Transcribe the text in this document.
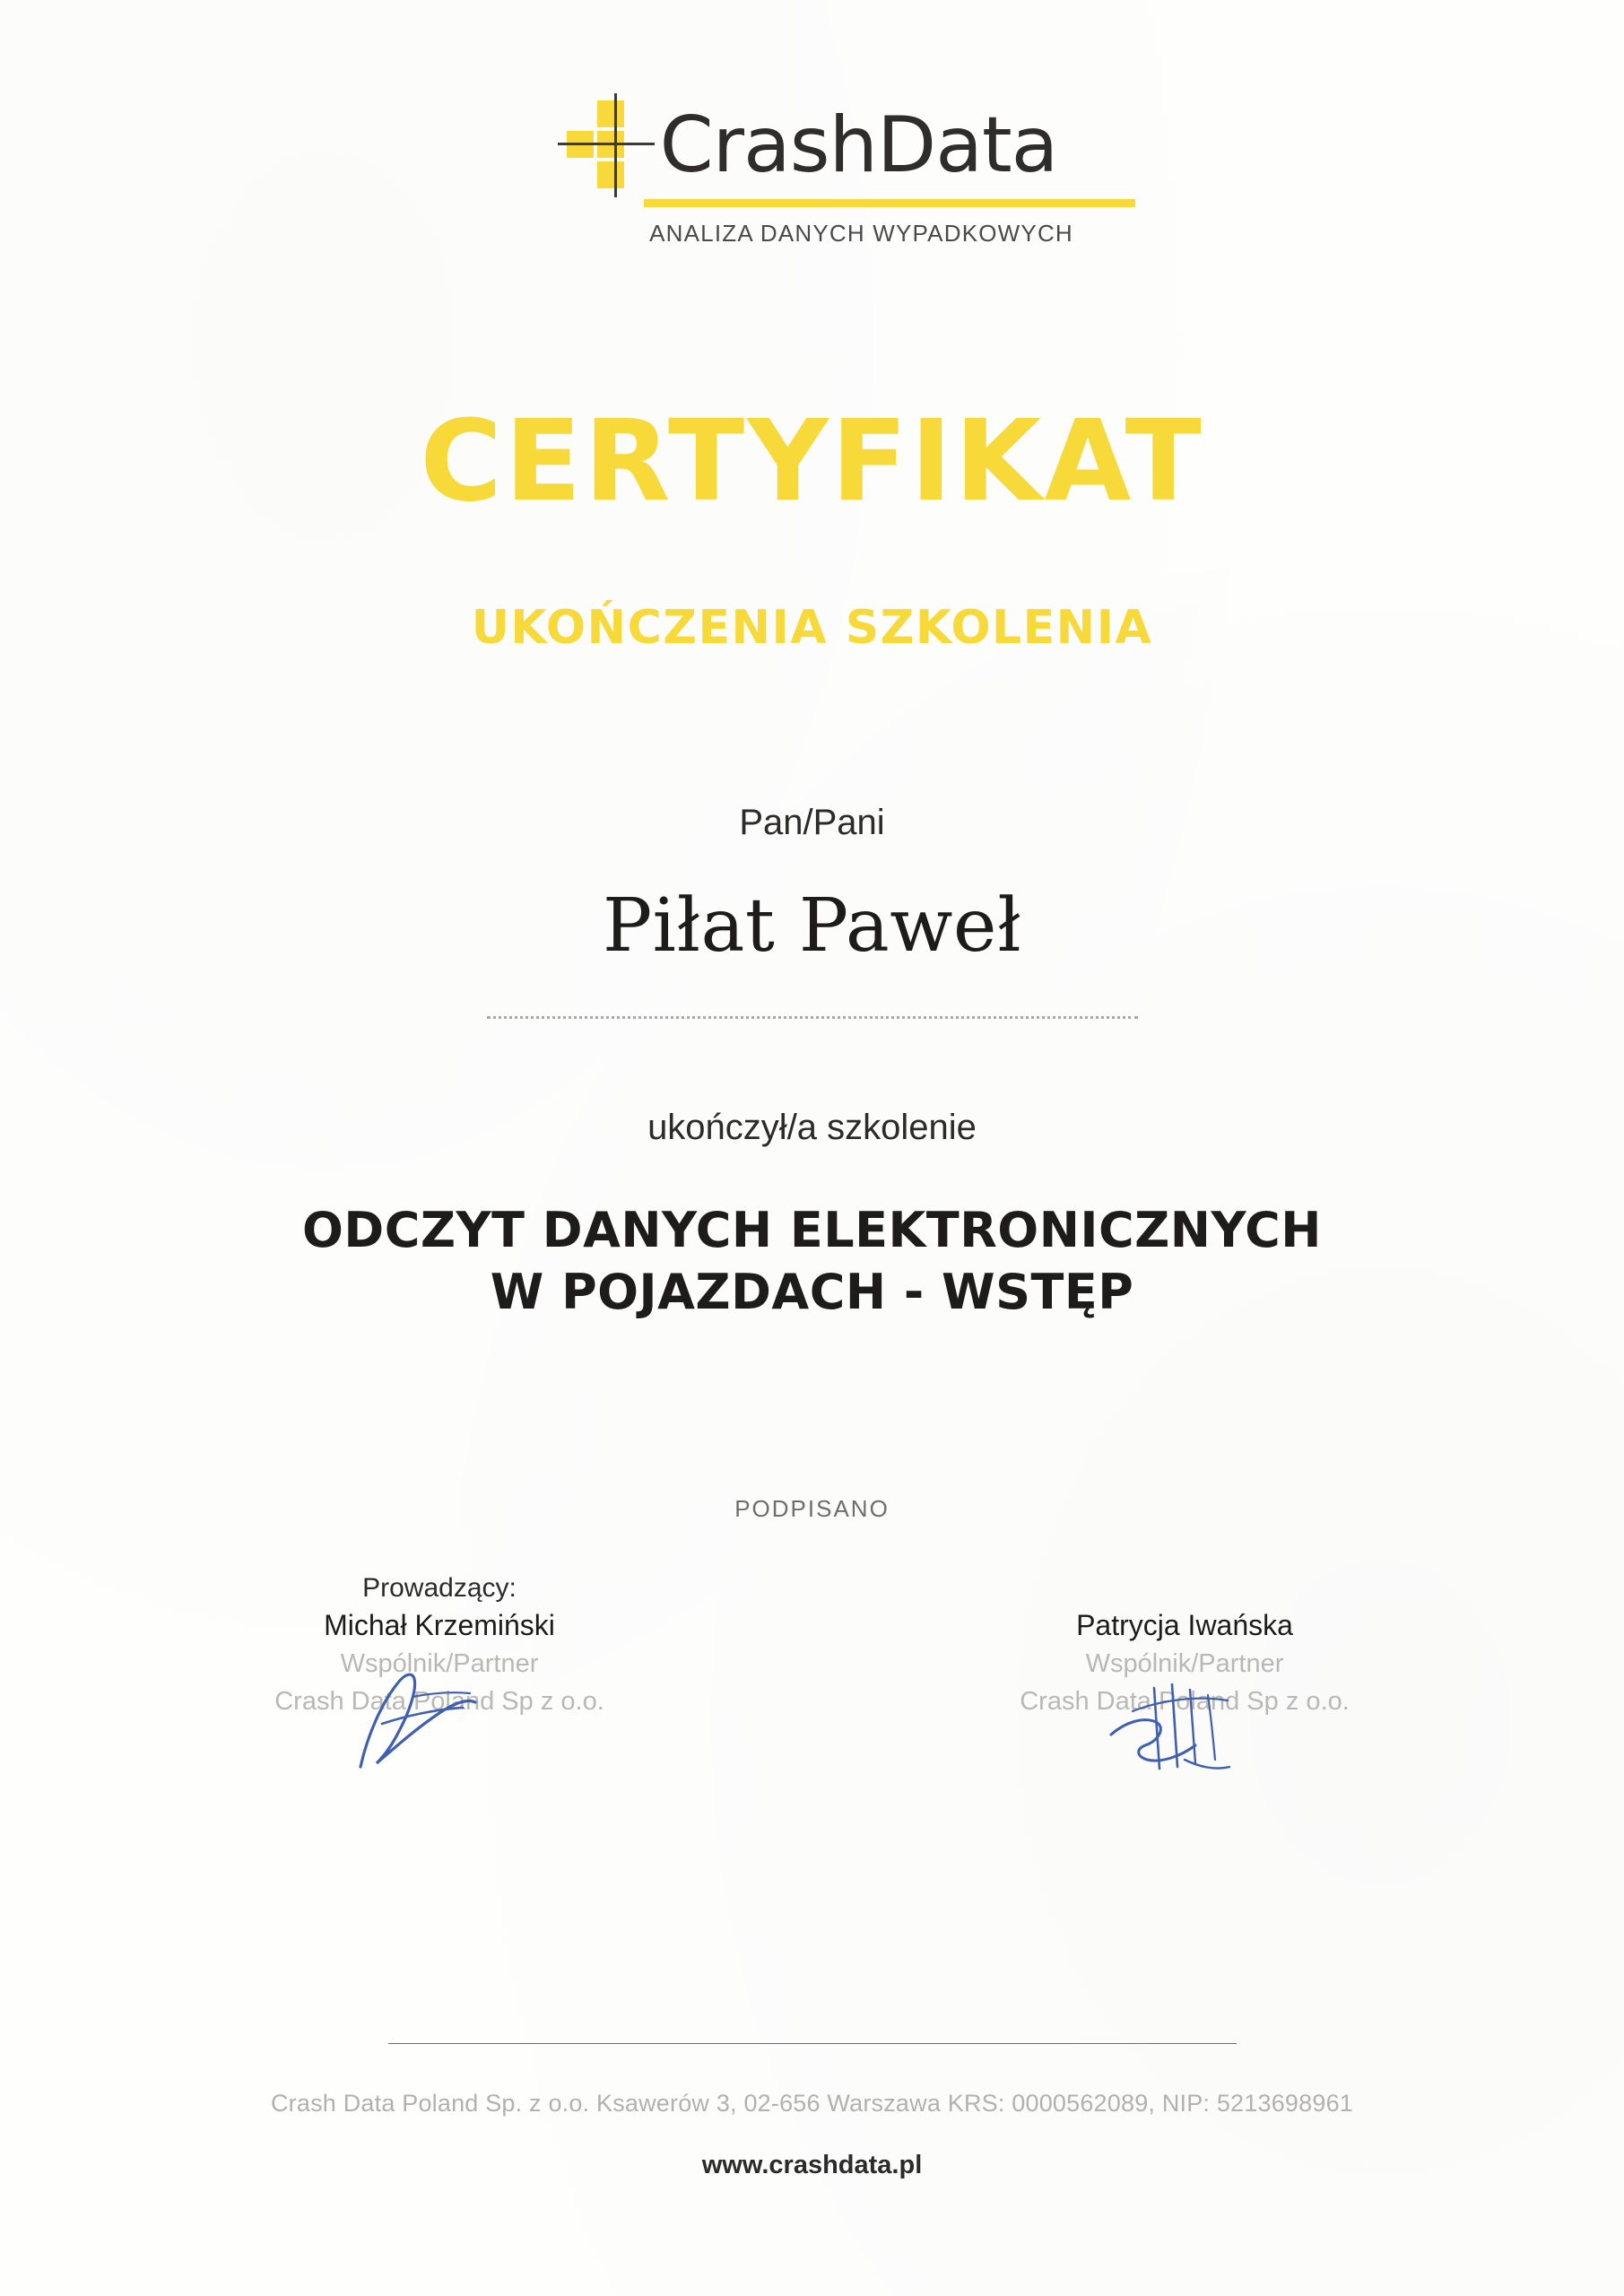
CrashData
ANALIZA DANYCH WYPADKOWYCH
CERTYFIKAT
UKOŃCZENIA SZKOLENIA
Pan/Pani
Piłat Paweł
ukończył/a szkolenie
ODCZYT DANYCH ELEKTRONICZNYCH
W POJAZDACH - WSTĘP
PODPISANO
Prowadzący:
Michał Krzemiński
Wspólnik/Partner
Crash Data Poland Sp z o.o.

Patrycja Iwańska
Wspólnik/Partner
Crash Data Poland Sp z o.o.
Crash Data Poland Sp. z o.o. Ksawerów 3, 02-656 Warszawa KRS: 0000562089, NIP: 5213698961
www.crashdata.pl
